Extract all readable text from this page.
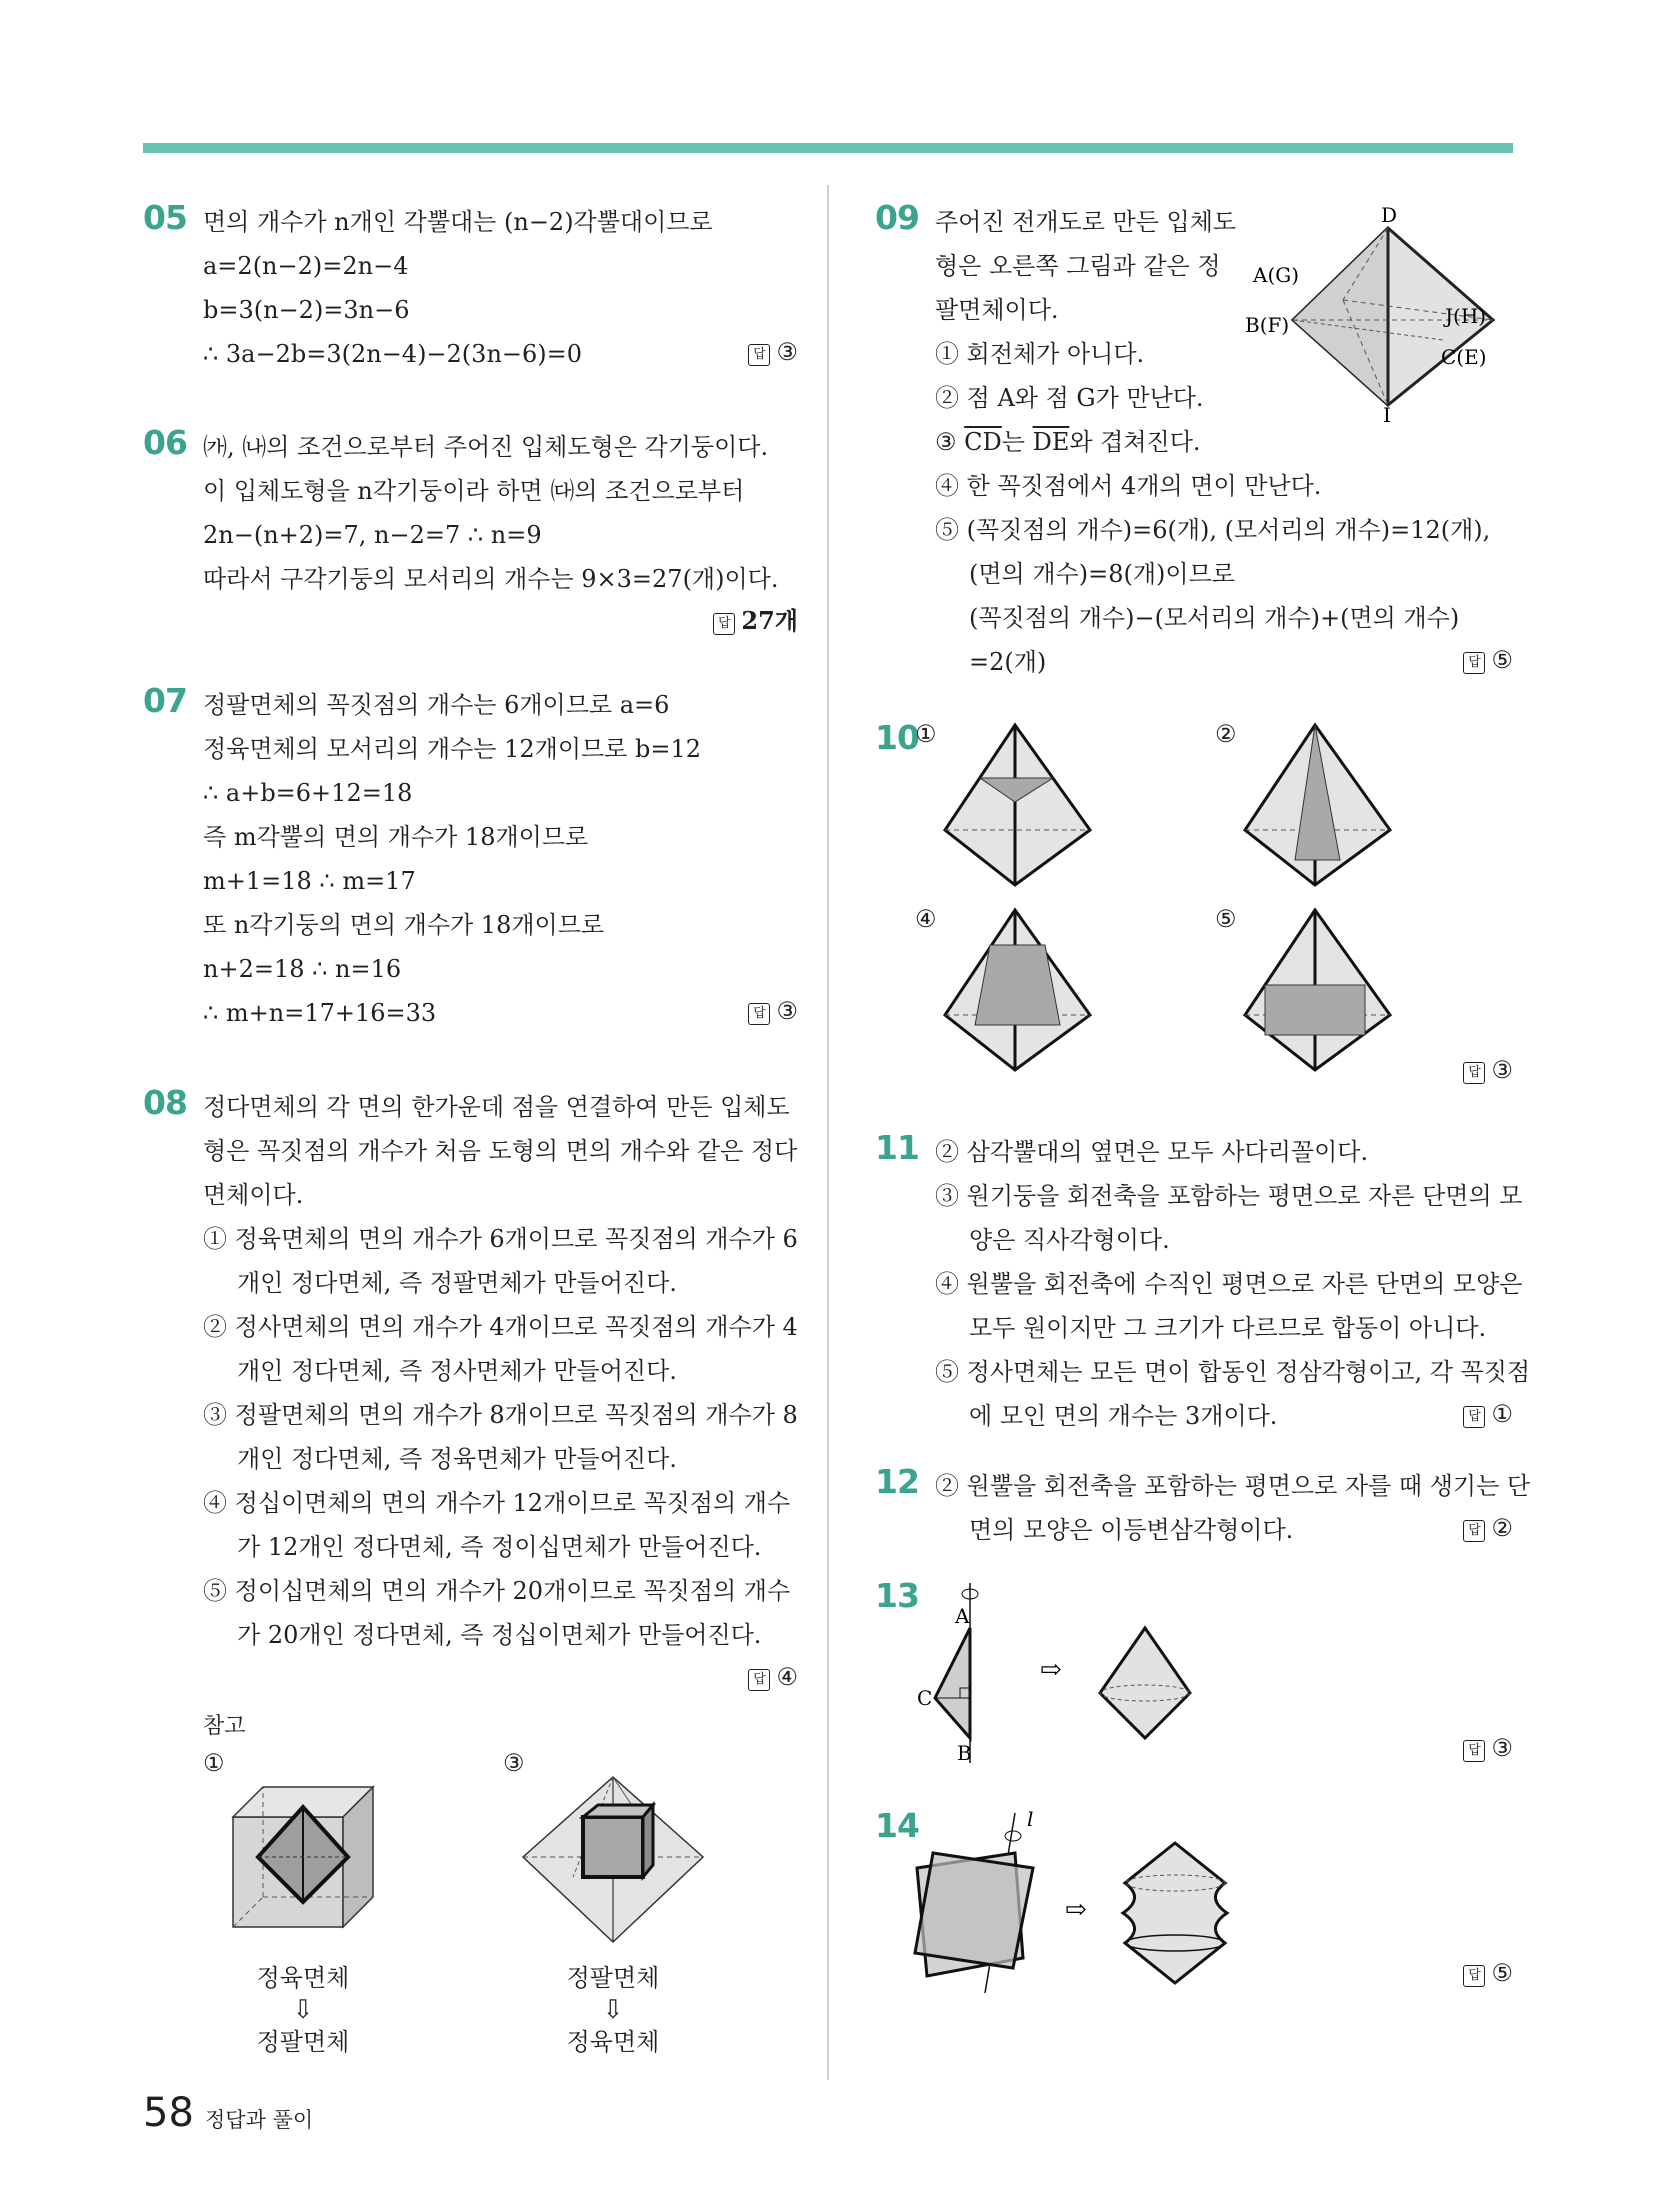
05 면의 개수가 n개인 각뿔대는 (n−2)각뿔대이므로
a=2(n−2)=2n−4
b=3(n−2)=3n−6
∴ 3a−2b=3(2n−4)−2(3n−6)=0	답 ③
06 ㈎, ㈏의 조건으로부터 주어진 입체도형은 각기둥이다.
이 입체도형을 n각기둥이라 하면 ㈐의 조건으로부터
2n−(n+2)=7, n−2=7 ∴ n=9
따라서 구각기둥의 모서리의 개수는 9×3=27(개)이다.
답 27개
07 정팔면체의 꼭짓점의 개수는 6개이므로 a=6
정육면체의 모서리의 개수는 12개이므로 b=12
∴ a+b=6+12=18
즉 m각뿔의 면의 개수가 18개이므로
m+1=18 ∴ m=17
또 n각기둥의 면의 개수가 18개이므로
n+2=18 ∴ n=16
∴ m+n=17+16=33	답 ③
08 정다면체의 각 면의 한가운데 점을 연결하여 만든 입체도
형은 꼭짓점의 개수가 처음 도형의 면의 개수와 같은 정다
면체이다.
① 정육면체의 면의 개수가 6개이므로 꼭짓점의 개수가 6
개인 정다면체, 즉 정팔면체가 만들어진다.
② 정사면체의 면의 개수가 4개이므로 꼭짓점의 개수가 4
개인 정다면체, 즉 정사면체가 만들어진다.
③ 정팔면체의 면의 개수가 8개이므로 꼭짓점의 개수가 8
개인 정다면체, 즉 정육면체가 만들어진다.
④ 정십이면체의 면의 개수가 12개이므로 꼭짓점의 개수
가 12개인 정다면체, 즉 정이십면체가 만들어진다.
⑤ 정이십면체의 면의 개수가 20개이므로 꼭짓점의 개수
가 20개인 정다면체, 즉 정십이면체가 만들어진다.
답 ④
참고
①
정육면체
⇩
정팔면체
③
정팔면체
⇩
정육면체
09 주어진 전개도로 만든 입체도
형은 오른쪽 그림과 같은 정
팔면체이다.
① 회전체가 아니다.
② 점 A와 점 G가 만난다.
③ $\overline{CD}$는 $\overline{DE}$와 겹쳐진다.
④ 한 꼭짓점에서 4개의 면이 만난다.
⑤ (꼭짓점의 개수)=6(개), (모서리의 개수)=12(개),
(면의 개수)=8(개)이므로
(꼭짓점의 개수)−(모서리의 개수)+(면의 개수)
=2(개)	답 ⑤
D
A(G)
B(F)	J(H)
C(E)
I
10
①	②
④	⑤
답 ③
11 ② 삼각뿔대의 옆면은 모두 사다리꼴이다.
③ 원기둥을 회전축을 포함하는 평면으로 자른 단면의 모
양은 직사각형이다.
④ 원뿔을 회전축에 수직인 평면으로 자른 단면의 모양은
모두 원이지만 그 크기가 다르므로 합동이 아니다.
⑤ 정사면체는 모든 면이 합동인 정삼각형이고, 각 꼭짓점
에 모인 면의 개수는 3개이다.	답 ①
12 ② 원뿔을 회전축을 포함하는 평면으로 자를 때 생기는 단
면의 모양은 이등변삼각형이다.	답 ②
13
A
B
C
⇨
답 ③
14	l
⇨
답 ⑤
58 정답과 풀이
